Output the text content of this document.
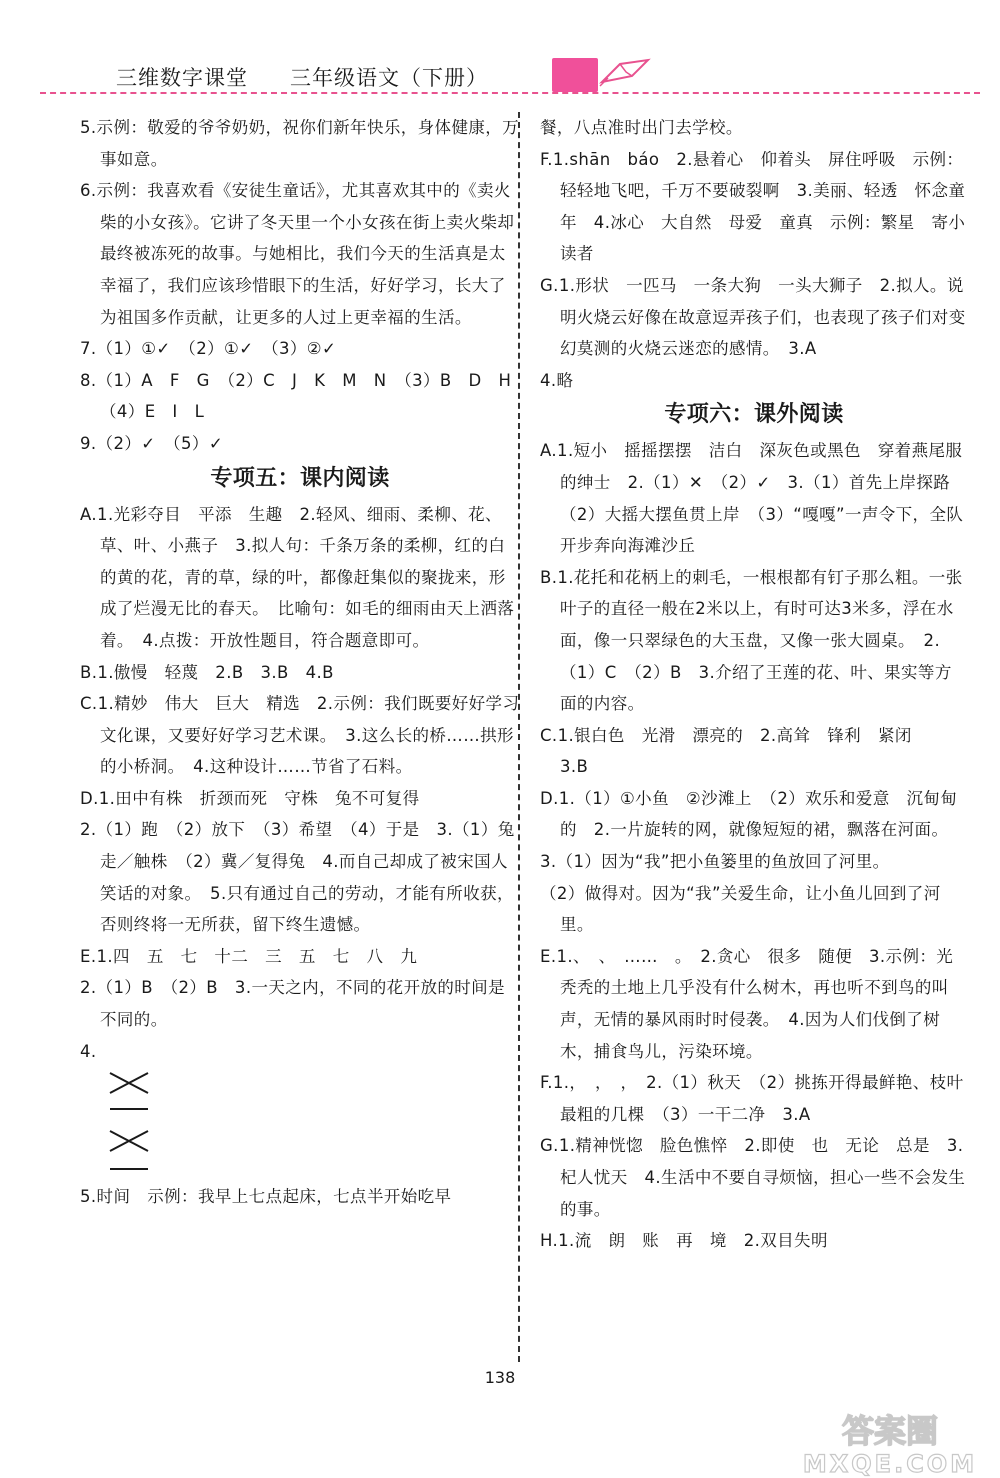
三维数字课堂 三年级语文（下册）

5.示例：敬爱的爷爷奶奶，祝你们新年快乐，身体健康，万事如意。

6.示例：我喜欢看《安徒生童话》，尤其喜欢其中的《卖火柴的小女孩》。它讲了冬天里一个小女孩在街上卖火柴却最终被冻死的故事。与她相比，我们今天的生活真是太幸福了，我们应该珍惜眼下的生活，好好学习，长大了为祖国多作贡献，让更多的人过上更幸福的生活。

7.（1）①✓　（2）①✓　（3）②✓

8.（1）A　F　G　（2）C　J　K　M　N　（3）B　D　H　（4）E　I　L

9.（2）✓　（5）✓

专项五：课内阅读

A.1.光彩夺目　平添　生趣　2.轻风、细雨、柔柳、花、草、叶、小燕子　3.拟人句：千条万条的柔柳，红的白的黄的花，青的草，绿的叶，都像赶集似的聚拢来，形成了烂漫无比的春天。　比喻句：如毛的细雨由天上洒落着。　4.点拨：开放性题目，符合题意即可。

B.1.傲慢　轻蔑　2.B　3.B　4.B

C.1.精妙　伟大　巨大　精选　2.示例：我们既要好好学习文化课，又要好好学习艺术课。　3.这么长的桥……拱形的小桥洞。　4.这种设计……节省了石料。

D.1.田中有株　折颈而死　守株　兔不可复得

2.（1）跑　（2）放下　（3）希望　（4）于是　3.（1）兔走／触株　（2）冀／复得兔　4.而自己却成了被宋国人笑话的对象。　5.只有通过自己的劳动，才能有所收获，否则终将一无所获，留下终生遗憾。

E.1.四　五　七　十二　三　五　七　八　九

2.（1）B　（2）B　3.一天之内，不同的花开放的时间是不同的。

4.

5.时间　示例：我早上七点起床，七点半开始吃早

餐，八点准时出门去学校。

F.1.shān　báo　2.悬着心　仰着头　屏住呼吸　示例：轻轻地飞吧，千万不要破裂啊　3.美丽、轻透　怀念童年　4.冰心　大自然　母爱　童真　示例：繁星　寄小读者

G.1.形状　一匹马　一条大狗　一头大狮子　2.拟人。说明火烧云好像在故意逗弄孩子们，也表现了孩子们对变幻莫测的火烧云迷恋的感情。　3.A

4.略

专项六：课外阅读

A.1.短小　摇摇摆摆　洁白　深灰色或黑色　穿着燕尾服的绅士　2.（1）✕　（2）✓　3.（1）首先上岸探路　（2）大摇大摆鱼贯上岸　（3）“嘎嘎”一声令下，全队开步奔向海滩沙丘

B.1.花托和花柄上的刺毛，一根根都有钉子那么粗。一张叶子的直径一般在2米以上，有时可达3米多，浮在水面，像一只翠绿色的大玉盘，又像一张大圆桌。　2.（1）C　（2）B　3.介绍了王莲的花、叶、果实等方面的内容。

C.1.银白色　光滑　漂亮的　2.高耸　锋利　紧闭

3.B

D.1.（1）①小鱼　②沙滩上　（2）欢乐和爱意　沉甸甸的　2.一片旋转的网，就像短短的裙，飘落在河面。

3.（1）因为“我”把小鱼篓里的鱼放回了河里。

（2）做得对。因为“我”关爱生命，让小鱼儿回到了河里。

E.1.、　、　……　。　2.贪心　很多　随便　3.示例：光秃秃的土地上几乎没有什么树木，再也听不到鸟的叫声，无情的暴风雨时时侵袭。　4.因为人们伐倒了树木，捕食鸟儿，污染环境。

F.1.，　，　，　2.（1）秋天　（2）挑拣开得最鲜艳、枝叶最粗的几棵　（3）一干二净　3.A

G.1.精神恍惚　脸色憔悴　2.即使　也　无论　总是　3.杞人忧天　4.生活中不要自寻烦恼，担心一些不会发生的事。

H.1.流　朗　账　再　境　2.双目失明

138
答案圈
MXQE.COM
